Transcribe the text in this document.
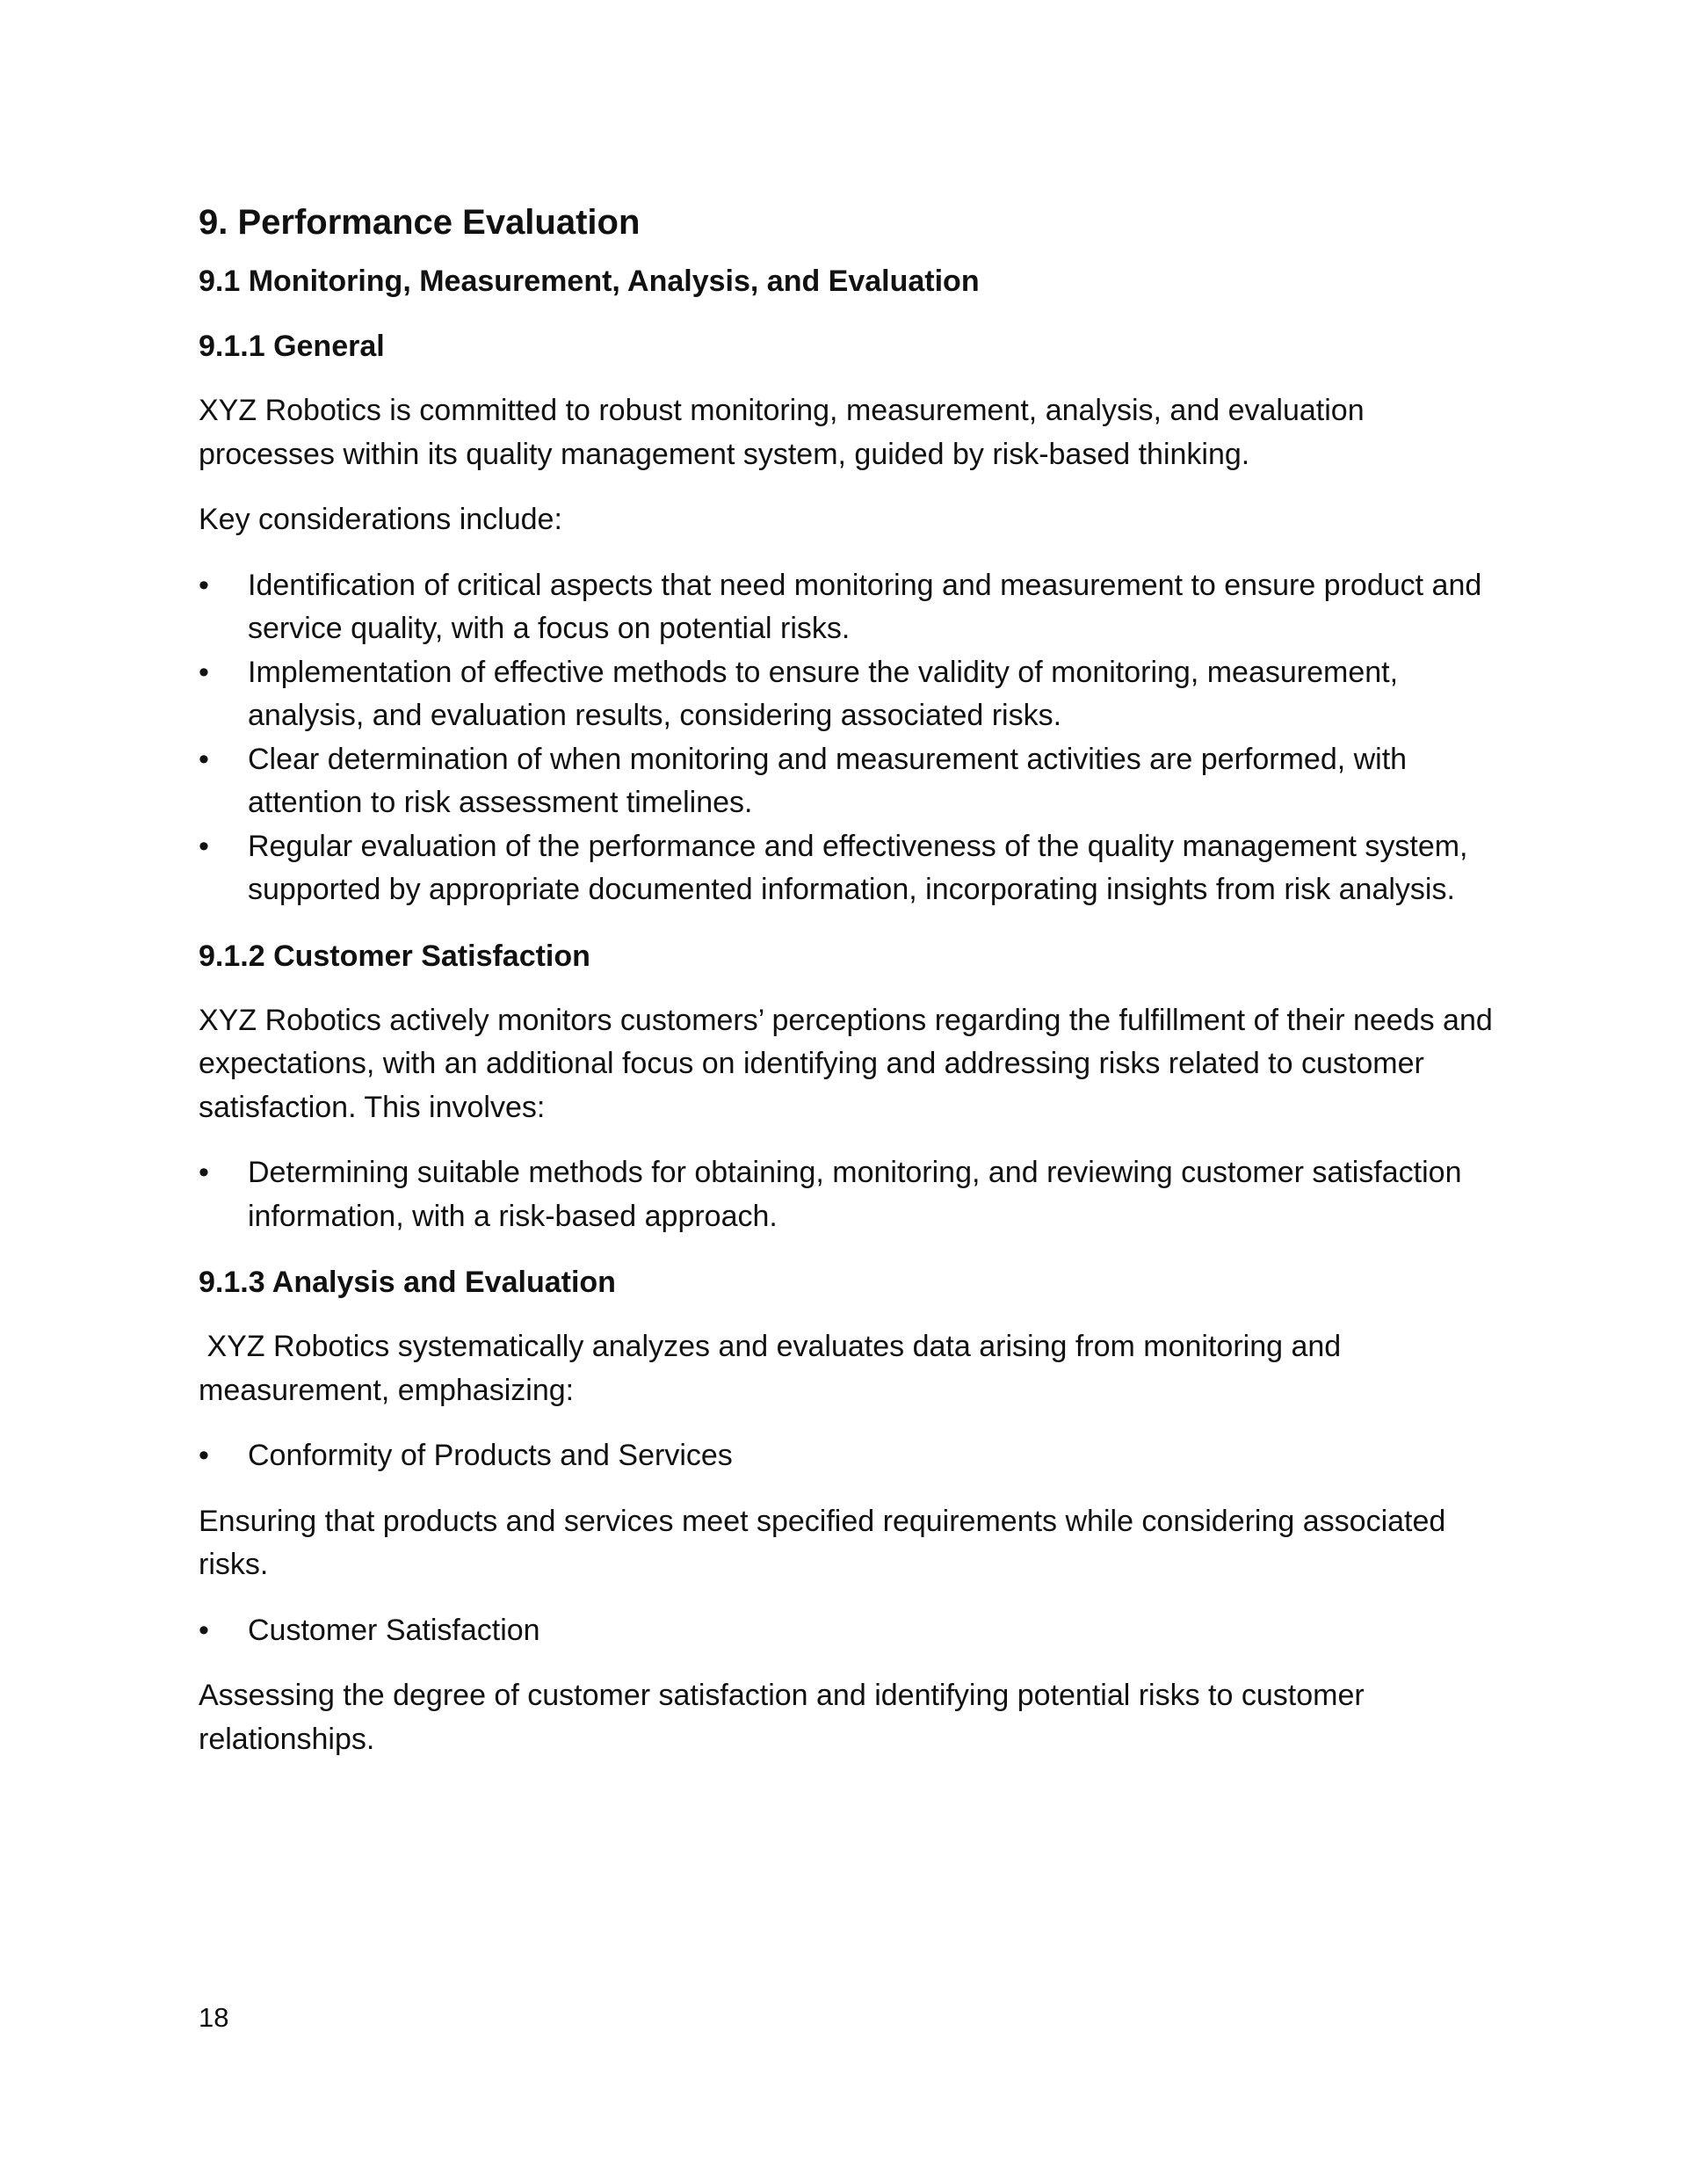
9. Performance Evaluation
9.1 Monitoring, Measurement, Analysis, and Evaluation
9.1.1 General

XYZ Robotics is committed to robust monitoring, measurement, analysis, and evaluation processes within its quality management system, guided by risk-based thinking.

Key considerations include:

• Identification of critical aspects that need monitoring and measurement to ensure product and service quality, with a focus on potential risks.
• Implementation of effective methods to ensure the validity of monitoring, measurement, analysis, and evaluation results, considering associated risks.
• Clear determination of when monitoring and measurement activities are performed, with attention to risk assessment timelines.
• Regular evaluation of the performance and effectiveness of the quality management system, supported by appropriate documented information, incorporating insights from risk analysis.
9.1.2 Customer Satisfaction

XYZ Robotics actively monitors customers’ perceptions regarding the fulfillment of their needs and expectations, with an additional focus on identifying and addressing risks related to customer satisfaction. This involves:

• Determining suitable methods for obtaining, monitoring, and reviewing customer satisfaction information, with a risk-based approach.
9.1.3 Analysis and Evaluation

XYZ Robotics systematically analyzes and evaluates data arising from monitoring and measurement, emphasizing:

• Conformity of Products and Services

Ensuring that products and services meet specified requirements while considering associated risks.

• Customer Satisfaction

Assessing the degree of customer satisfaction and identifying potential risks to customer relationships.

18
